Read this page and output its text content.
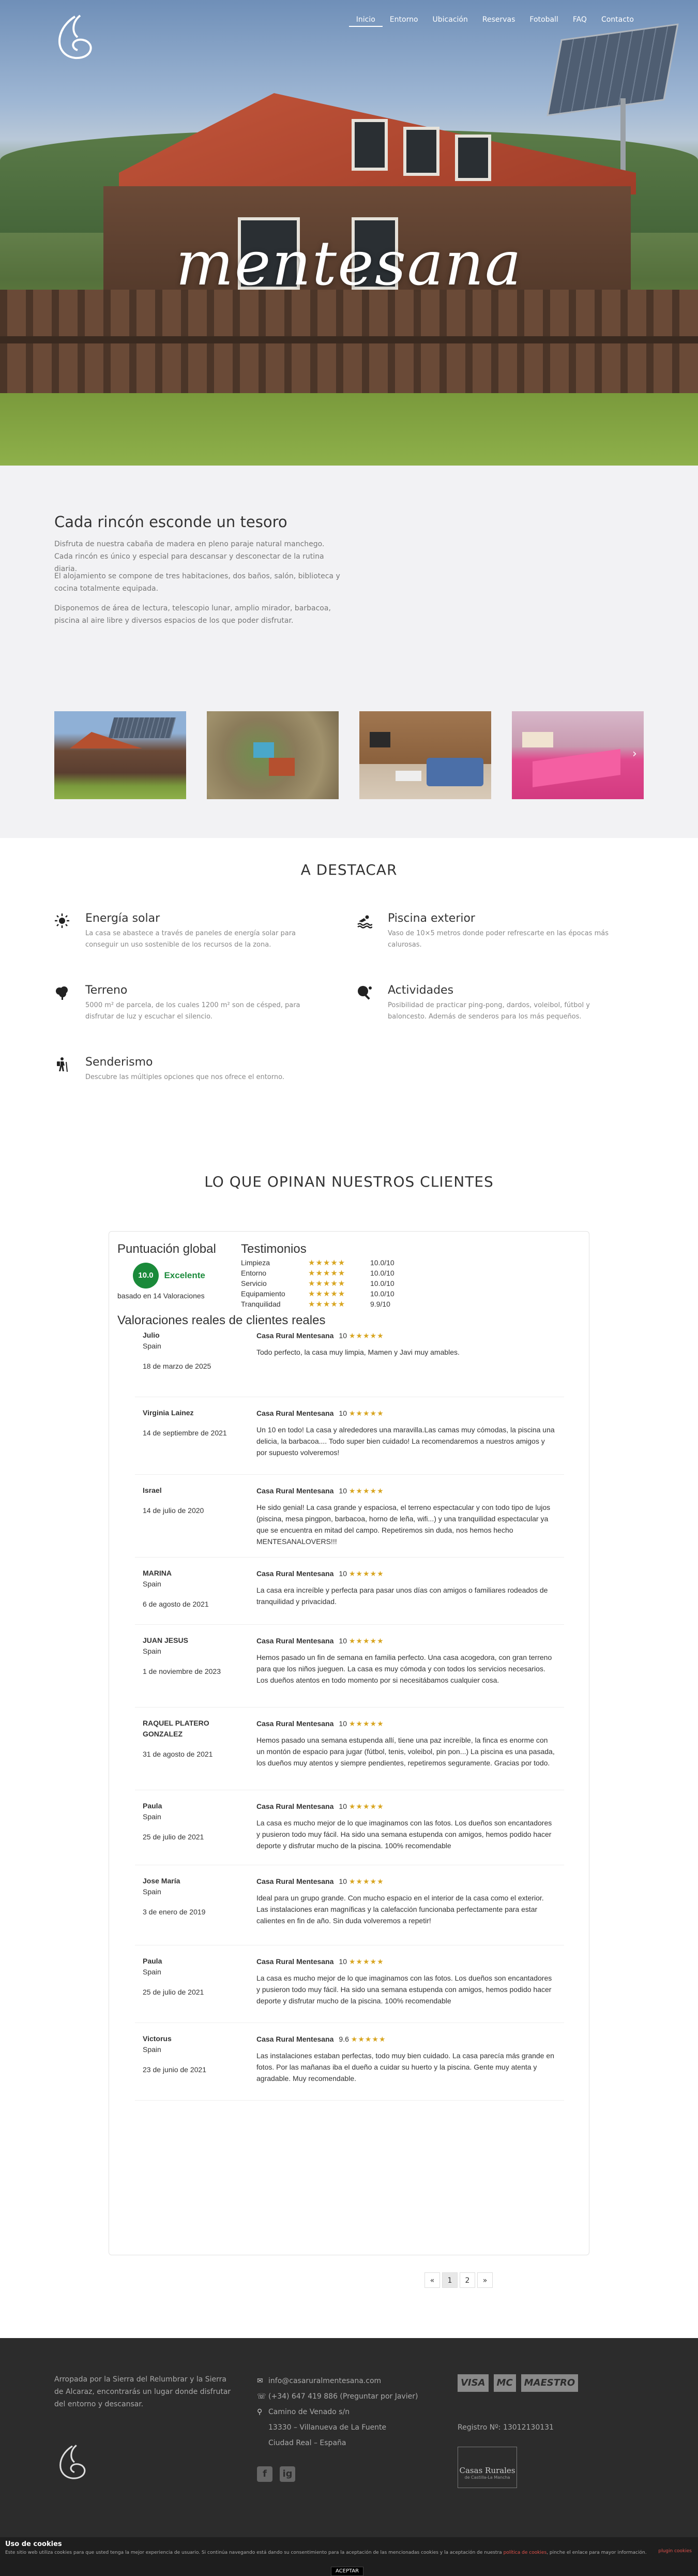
Inicio	Entorno	Ubicación	Reservas	Fotoball	FAQ	Contacto
mentesana
Cada rincón esconde un tesoro

Disfruta de nuestra cabaña de madera en pleno paraje natural manchego. Cada rincón es único y especial para descansar y desconectar de la rutina diaria.

El alojamiento se compone de tres habitaciones, dos baños, salón, biblioteca y cocina totalmente equipada.

Disponemos de área de lectura, telescopio lunar, amplio mirador, barbacoa, piscina al aire libre y diversos espacios de los que poder disfrutar.

›
A DESTACAR
Energía solar

La casa se abastece a través de paneles de energía solar para conseguir un uso sostenible de los recursos de la zona.

Piscina exterior

Vaso de 10×5 metros donde poder refrescarte en las épocas más calurosas.

Terreno

5000 m² de parcela, de los cuales 1200 m² son de césped, para disfrutar de luz y escuchar el silencio.

Actividades

Posibilidad de practicar ping-pong, dardos, voleibol, fútbol y baloncesto. Además de senderos para los más pequeños.

Senderismo

Descubre las múltiples opciones que nos ofrece el entorno.

LO QUE OPINAN NUESTROS CLIENTES
Puntuación global
10.0 Excelente
basado en 14 Valoraciones
Testimonios
Limpieza	★★★★★	10.0/10
Entorno	★★★★★	10.0/10
Servicio	★★★★★	10.0/10
Equipamiento	★★★★★	10.0/10
Tranquilidad	★★★★★	9.9/10
Valoraciones reales de clientes reales
Julio
Spain
18 de marzo de 2025
Casa Rural Mentesana 10 ★★★★★
Todo perfecto, la casa muy limpia, Mamen y Javi muy amables.
Virginia Lainez

14 de septiembre de 2021
Casa Rural Mentesana 10 ★★★★★
Un 10 en todo! La casa y alrededores una maravilla.Las camas muy cómodas, la piscina una delicia, la barbacoa.... Todo super bien cuidado! La recomendaremos a nuestros amigos y por supuesto volveremos!
Israel

14 de julio de 2020
Casa Rural Mentesana 10 ★★★★★
He sido genial! La casa grande y espaciosa, el terreno espectacular y con todo tipo de lujos (piscina, mesa pingpon, barbacoa, horno de leña, wifi...) y una tranquilidad espectacular ya que se encuentra en mitad del campo. Repetiremos sin duda, nos hemos hecho MENTESANALOVERS!!!
MARINA
Spain
6 de agosto de 2021
Casa Rural Mentesana 10 ★★★★★
La casa era increíble y perfecta para pasar unos días con amigos o familiares rodeados de tranquilidad y privacidad.
JUAN JESUS
Spain
1 de noviembre de 2023
Casa Rural Mentesana 10 ★★★★★
Hemos pasado un fin de semana en familia perfecto. Una casa acogedora, con gran terreno para que los niños jueguen. La casa es muy cómoda y con todos los servicios necesarios. Los dueños atentos en todo momento por si necesitábamos cualquier cosa.
RAQUEL PLATERO GONZALEZ

31 de agosto de 2021
Casa Rural Mentesana 10 ★★★★★
Hemos pasado una semana estupenda allí, tiene una paz increíble, la finca es enorme con un montón de espacio para jugar (fútbol, tenis, voleibol, pin pon...) La piscina es una pasada, los dueños muy atentos y siempre pendientes, repetiremos seguramente. Gracias por todo.
Paula
Spain
25 de julio de 2021
Casa Rural Mentesana 10 ★★★★★
La casa es mucho mejor de lo que imaginamos con las fotos. Los dueños son encantadores y pusieron todo muy fácil. Ha sido una semana estupenda con amigos, hemos podido hacer deporte y disfrutar mucho de la piscina. 100% recomendable
Jose María
Spain
3 de enero de 2019
Casa Rural Mentesana 10 ★★★★★
Ideal para un grupo grande. Con mucho espacio en el interior de la casa como el exterior. Las instalaciones eran magníficas y la calefacción funcionaba perfectamente para estar calientes en fin de año. Sin duda volveremos a repetir!
Paula
Spain
25 de julio de 2021
Casa Rural Mentesana 10 ★★★★★
La casa es mucho mejor de lo que imaginamos con las fotos. Los dueños son encantadores y pusieron todo muy fácil. Ha sido una semana estupenda con amigos, hemos podido hacer deporte y disfrutar mucho de la piscina. 100% recomendable
Victorus
Spain
23 de junio de 2021
Casa Rural Mentesana 9.6 ★★★★★
Las instalaciones estaban perfectas, todo muy bien cuidado. La casa parecía más grande en fotos. Por las mañanas iba el dueño a cuidar su huerto y la piscina. Gente muy atenta y agradable. Muy recomendable.
«	1	2	»
Arropada por la Sierra del Relumbrar y la Sierra de Alcaraz, encontrarás un lugar donde disfrutar del entorno y descansar.
✉ info@casaruralmentesana.com
☏ (+34) 647 419 886 (Preguntar por Javier)
⚲ Camino de Venado s/n
13330 – Villanueva de La Fuente
Ciudad Real – España
f	ig
VISA	MC	MAESTRO
Registro Nº: 13012130131
Casas Rurales
de Castilla-La Mancha
Uso de cookies
Este sitio web utiliza cookies para que usted tenga la mejor experiencia de usuario. Si continúa navegando está dando su consentimiento para la aceptación de las mencionadas cookies y la aceptación de nuestra política de cookies, pinche el enlace para mayor información.	plugin cookies
ACEPTAR
